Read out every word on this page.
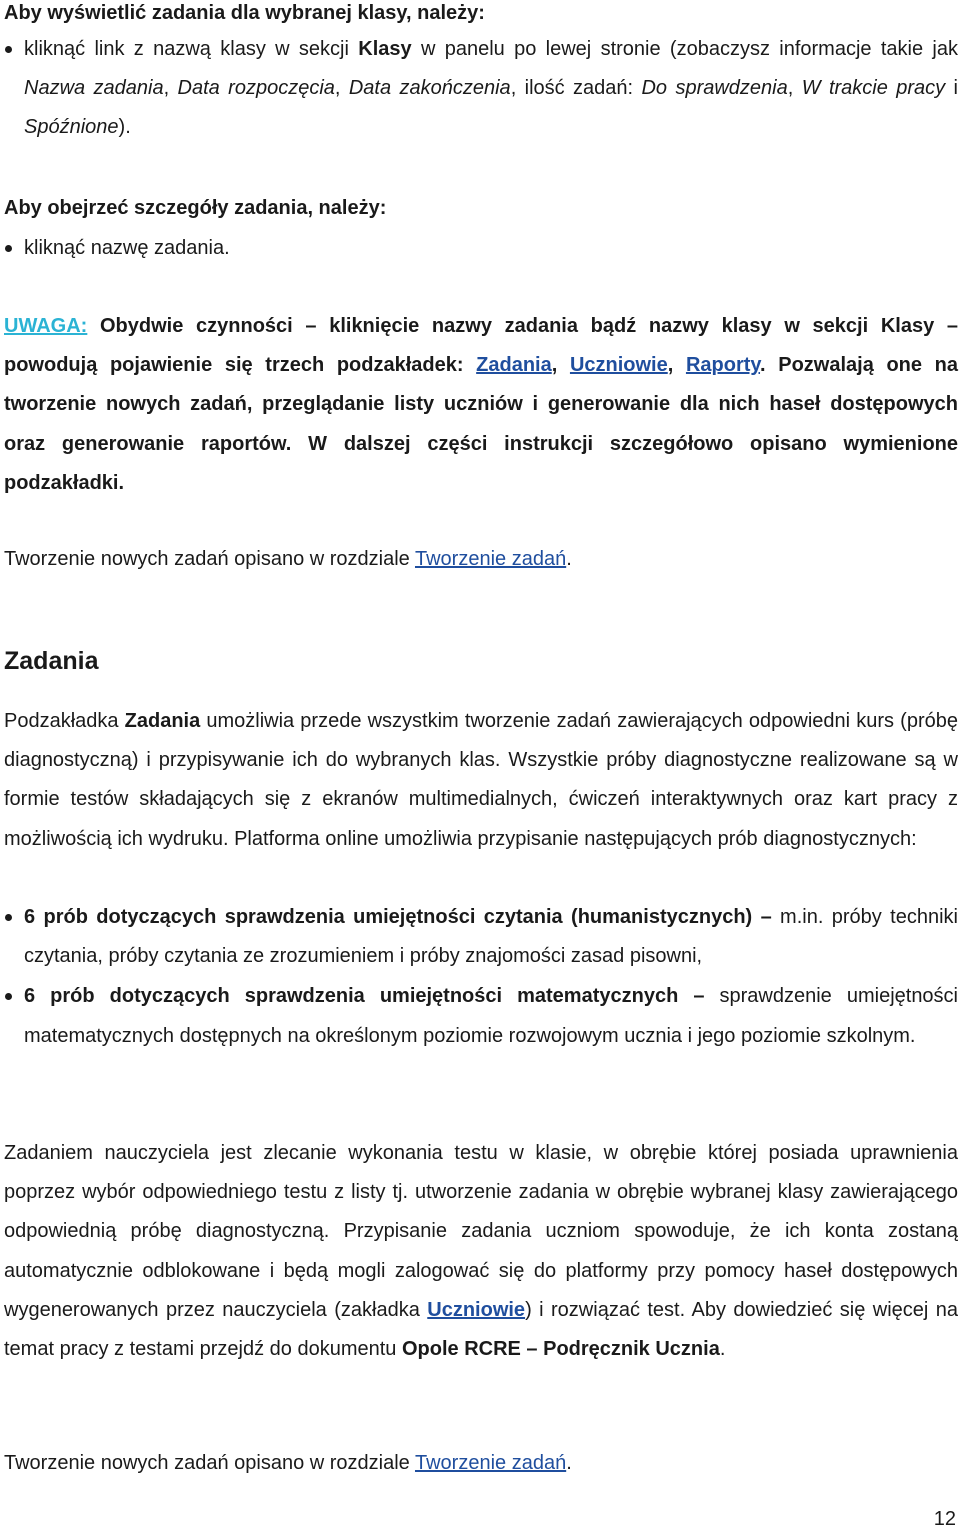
Aby wyświetlić zadania dla wybranej klasy, należy:

kliknąć link z nazwą klasy w sekcji Klasy w panelu po lewej stronie (zobaczysz informacje takie jak Nazwa zadania, Data rozpoczęcia, Data zakończenia, ilość zadań: Do sprawdzenia, W trakcie pracy i Spóźnione).

Aby obejrzeć szczegóły zadania, należy:

kliknąć nazwę zadania.

UWAGA: Obydwie czynności – kliknięcie nazwy zadania bądź nazwy klasy w sekcji Klasy – powodują pojawienie się trzech podzakładek: Zadania, Uczniowie, Raporty. Pozwalają one na tworzenie nowych zadań, przeglądanie listy uczniów i generowanie dla nich haseł dostępowych oraz generowanie raportów. W dalszej części instrukcji szczegółowo opisano wymienione podzakładki.

Tworzenie nowych zadań opisano w rozdziale Tworzenie zadań.

Zadania

Podzakładka Zadania umożliwia przede wszystkim tworzenie zadań zawierających odpowiedni kurs (próbę diagnostyczną) i przypisywanie ich do wybranych klas. Wszystkie próby diagnostyczne realizowane są w formie testów składających się z ekranów multimedialnych, ćwiczeń interaktywnych oraz kart pracy z możliwością ich wydruku. Platforma online umożliwia przypisanie następujących prób diagnostycznych:

6 prób dotyczących sprawdzenia umiejętności czytania (humanistycznych) – m.in. próby techniki czytania, próby czytania ze zrozumieniem i próby znajomości zasad pisowni,
6 prób dotyczących sprawdzenia umiejętności matematycznych – sprawdzenie umiejętności matematycznych dostępnych na określonym poziomie rozwojowym ucznia i jego poziomie szkolnym.

Zadaniem nauczyciela jest zlecanie wykonania testu w klasie, w obrębie której posiada uprawnienia poprzez wybór odpowiedniego testu z listy tj. utworzenie zadania w obrębie wybranej klasy zawierającego odpowiednią próbę diagnostyczną. Przypisanie zadania uczniom spowoduje, że ich konta zostaną automatycznie odblokowane i będą mogli zalogować się do platformy przy pomocy haseł dostępowych wygenerowanych przez nauczyciela (zakładka Uczniowie) i rozwiązać test. Aby dowiedzieć się więcej na temat pracy z testami przejdź do dokumentu Opole RCRE – Podręcznik Ucznia.

Tworzenie nowych zadań opisano w rozdziale Tworzenie zadań.

12
